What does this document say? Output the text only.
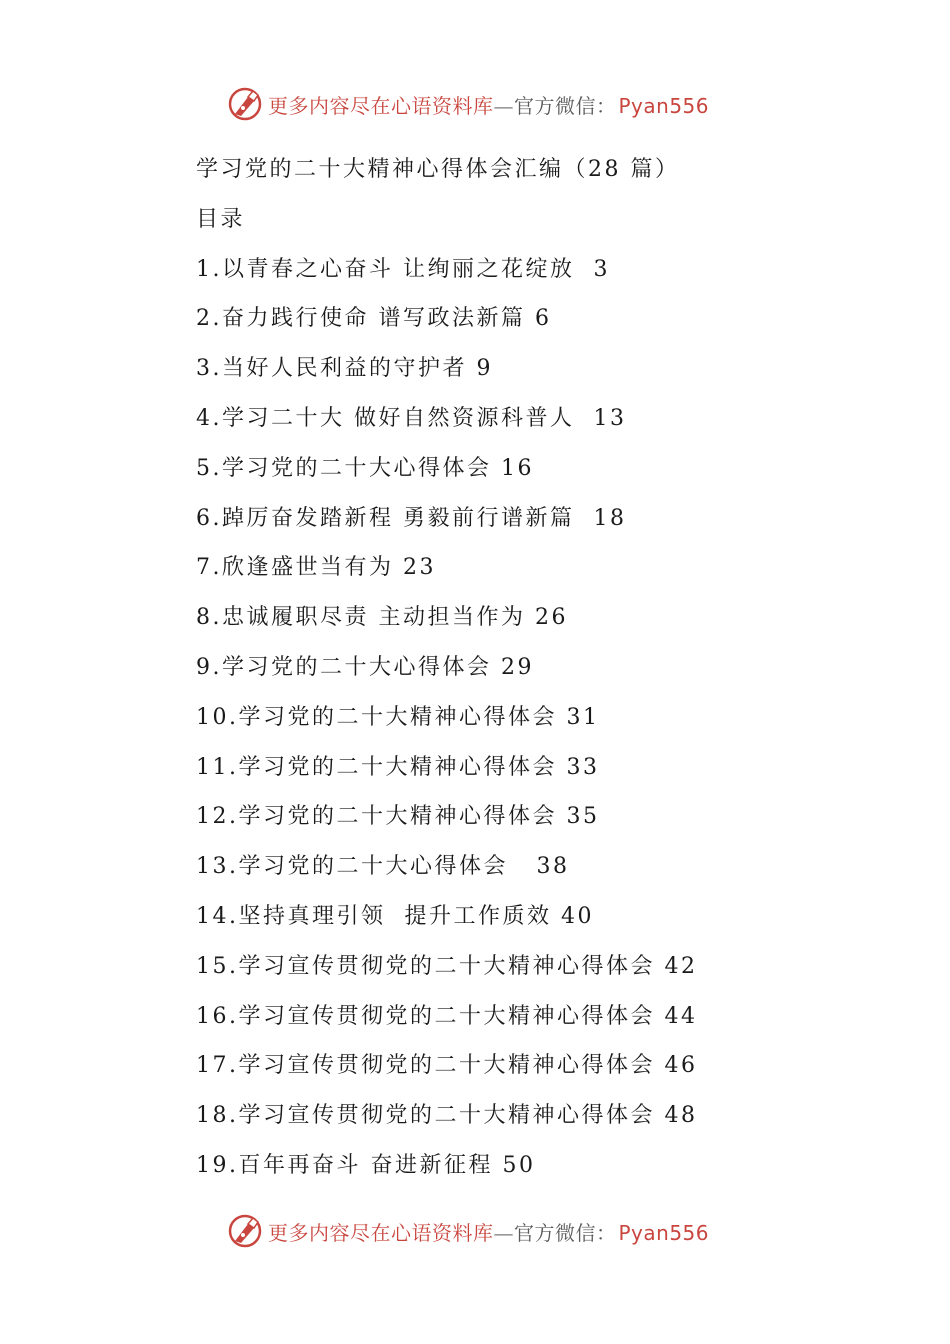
更多内容尽在心语资料库—官方微信： Pyan556
学习党的二十大精神心得体会汇编（28 篇）
目录
1.以青春之心奋斗 让绚丽之花绽放  3
2.奋力践行使命 谱写政法新篇 6
3.当好人民利益的守护者 9
4.学习二十大 做好自然资源科普人  13
5.学习党的二十大心得体会 16
6.踔厉奋发踏新程 勇毅前行谱新篇  18
7.欣逢盛世当有为 23
8.忠诚履职尽责 主动担当作为 26
9.学习党的二十大心得体会 29
10.学习党的二十大精神心得体会 31
11.学习党的二十大精神心得体会 33
12.学习党的二十大精神心得体会 35
13.学习党的二十大心得体会   38
14.坚持真理引领  提升工作质效 40
15.学习宣传贯彻党的二十大精神心得体会 42
16.学习宣传贯彻党的二十大精神心得体会 44
17.学习宣传贯彻党的二十大精神心得体会 46
18.学习宣传贯彻党的二十大精神心得体会 48
19.百年再奋斗 奋进新征程 50
更多内容尽在心语资料库—官方微信： Pyan556
